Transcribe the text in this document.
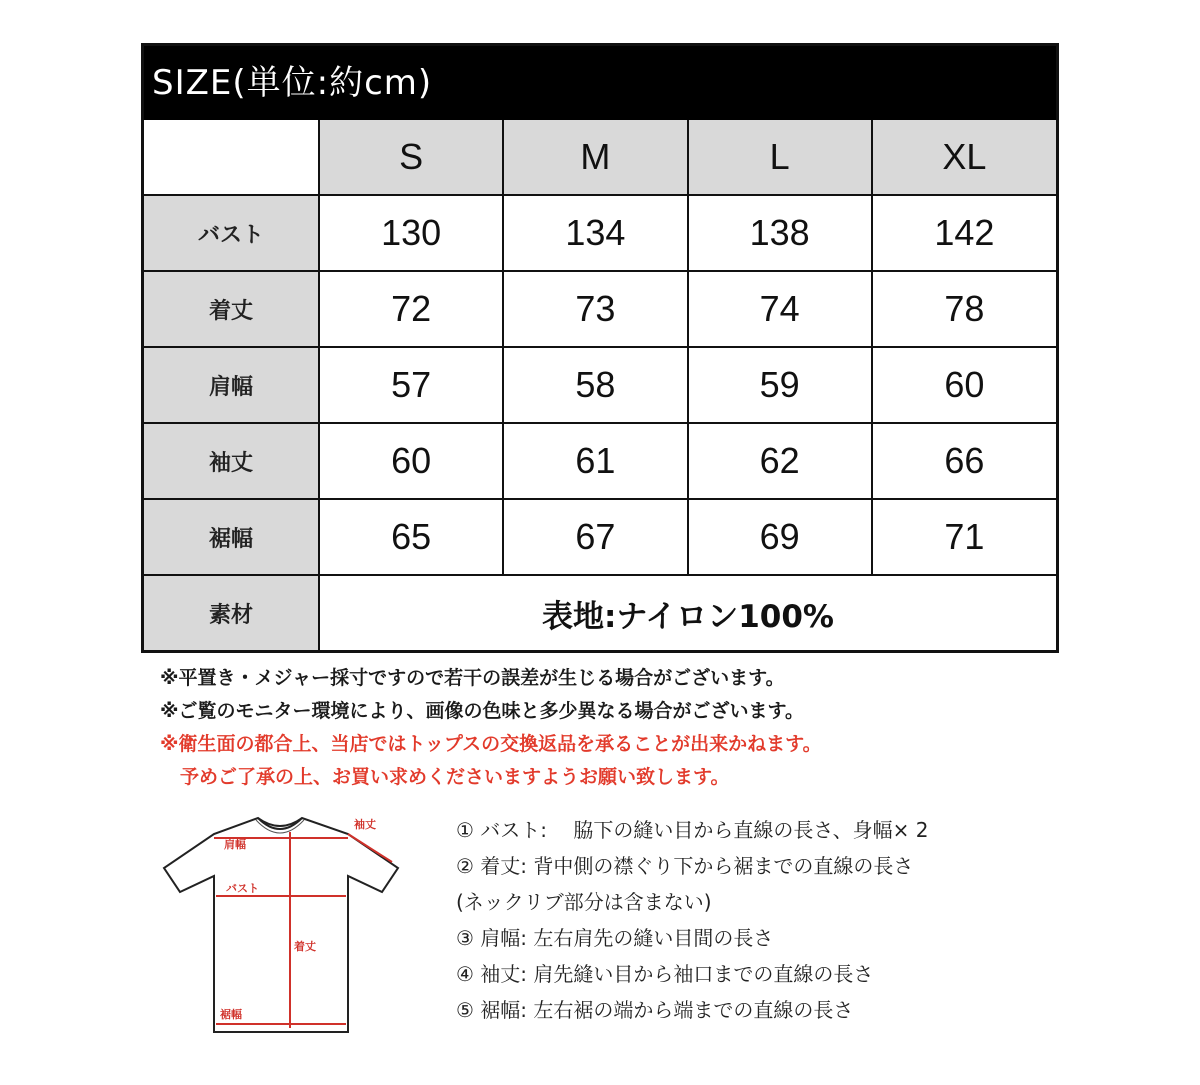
SIZE(単位:約cm)
	S	M	L	XL
バスト	130	134	138	142
着丈	72	73	74	78
肩幅	57	58	59	60
袖丈	60	61	62	66
裾幅	65	67	69	71
素材	表地:ナイロン100%			
※平置き・メジャー採寸ですので若干の誤差が生じる場合がございます。
※ご覧のモニター環境により、画像の色味と多少異なる場合がございます。
※衛生面の都合上、当店ではトップスの交換返品を承ることが出来かねます。
予めご了承の上、お買い求めくださいますようお願い致します。
肩幅
袖丈
バスト
着丈
裾幅
① バスト:　 脇下の縫い目から直線の長さ、身幅× 2
② 着丈: 背中側の襟ぐり下から裾までの直線の長さ
(ネックリブ部分は含まない)
③ 肩幅: 左右肩先の縫い目間の長さ
④ 袖丈: 肩先縫い目から袖口までの直線の長さ
⑤ 裾幅: 左右裾の端から端までの直線の長さ
